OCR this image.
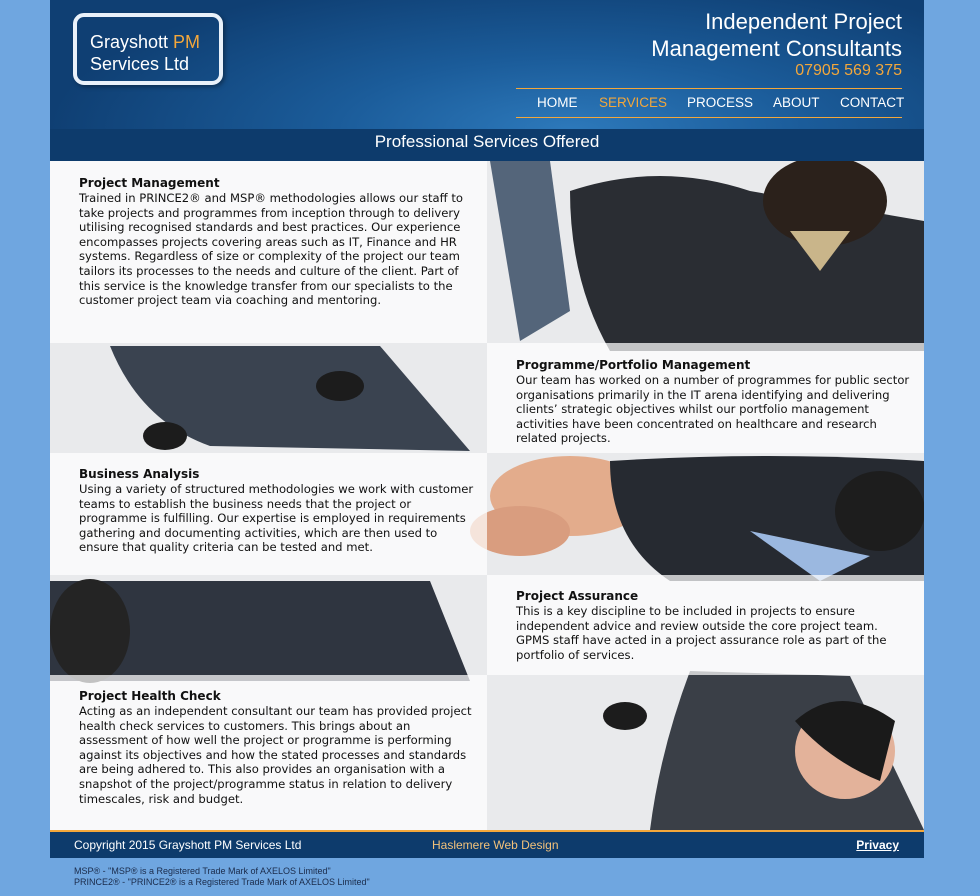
Grayshott PM
Services Ltd
Independent Project
Management Consultants
07905 569 375
HOME SERVICES PROCESS ABOUT CONTACT
Professional Services Offered
Project Management

Trained in PRINCE2® and MSP® methodologies allows our staff to take projects and programmes from inception through to delivery utilising recognised standards and best practices. Our experience encompasses projects covering areas such as IT, Finance and HR systems. Regardless of size or complexity of the project our team tailors its processes to the needs and culture of the client. Part of this service is the knowledge transfer from our specialists to the customer project team via coaching and mentoring.

Programme/Portfolio Management

Our team has worked on a number of programmes for public sector organisations primarily in the IT arena identifying and delivering clients’ strategic objectives whilst our portfolio management activities have been concentrated on healthcare and research related projects.

Business Analysis

Using a variety of structured methodologies we work with customer teams to establish the business needs that the project or programme is fulfilling. Our expertise is employed in requirements gathering and documenting activities, which are then used to ensure that quality criteria can be tested and met.

Project Assurance

This is a key discipline to be included in projects to ensure independent advice and review outside the core project team. GPMS staff have acted in a project assurance role as part of the portfolio of services.

Project Health Check

Acting as an independent consultant our team has provided project health check services to customers. This brings about an assessment of how well the project or programme is performing against its objectives and how the stated processes and standards are being adhered to. This also provides an organisation with a snapshot of the project/programme status in relation to delivery timescales, risk and budget.

Copyright 2015 Grayshott PM Services Ltd	Haslemere Web Design	Privacy
MSP® - "MSP® is a Registered Trade Mark of AXELOS Limited"
PRINCE2® - "PRINCE2® is a Registered Trade Mark of AXELOS Limited"
